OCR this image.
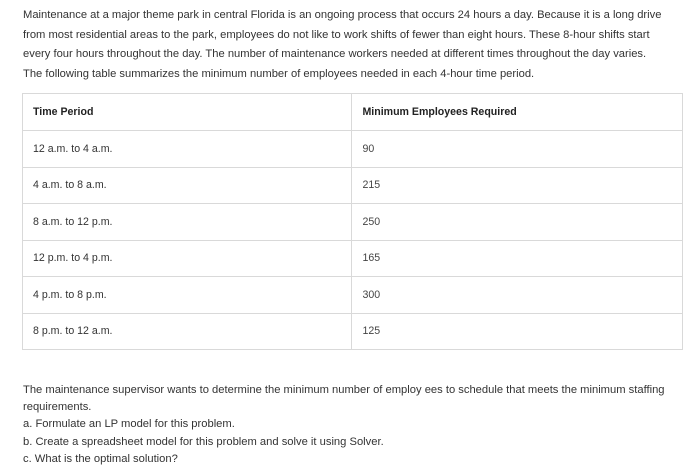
Maintenance at a major theme park in central Florida is an ongoing process that occurs 24 hours a day. Because it is a long drive
from most residential areas to the park, employees do not like to work shifts of fewer than eight hours. These 8-hour shifts start
every four hours throughout the day. The number of maintenance workers needed at different times throughout the day varies.
The following table summarizes the minimum number of employees needed in each 4-hour time period.

Time Period	Minimum Employees Required
12 a.m. to 4 a.m.	90
4 a.m. to 8 a.m.	215
8 a.m. to 12 p.m.	250
12 p.m. to 4 p.m.	165
4 p.m. to 8 p.m.	300
8 p.m. to 12 a.m.	125

The maintenance supervisor wants to determine the minimum number of employ ees to schedule that meets the minimum staffing
requirements.
a. Formulate an LP model for this problem.
b. Create a spreadsheet model for this problem and solve it using Solver.
c. What is the optimal solution?
